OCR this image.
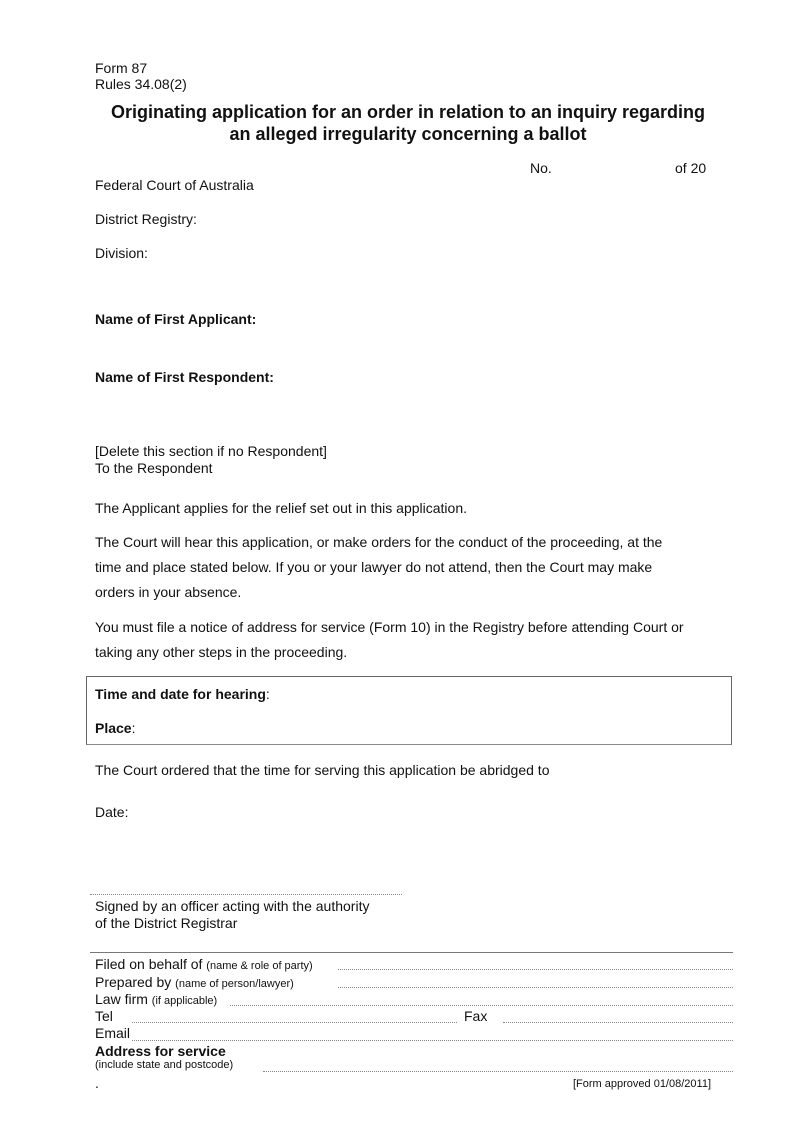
Form 87
Rules 34.08(2)
Originating application for an order in relation to an inquiry regarding
an alleged irregularity concerning a ballot
No.	of 20
Federal Court of Australia
District Registry:
Division:
Name of First Applicant:
Name of First Respondent:
[Delete this section if no Respondent]
To the Respondent
The Applicant applies for the relief set out in this application.
The Court will hear this application, or make orders for the conduct of the proceeding, at the
time and place stated below. If you or your lawyer do not attend, then the Court may make
orders in your absence.
You must file a notice of address for service (Form 10) in the Registry before attending Court or
taking any other steps in the proceeding.
Time and date for hearing:
Place:
The Court ordered that the time for serving this application be abridged to
Date:
Signed by an officer acting with the authority
of the District Registrar
Filed on behalf of (name & role of party)
Prepared by (name of person/lawyer)
Law firm (if applicable)
Tel	Fax
Email
Address for service
(include state and postcode)
.	[Form approved 01/08/2011]
